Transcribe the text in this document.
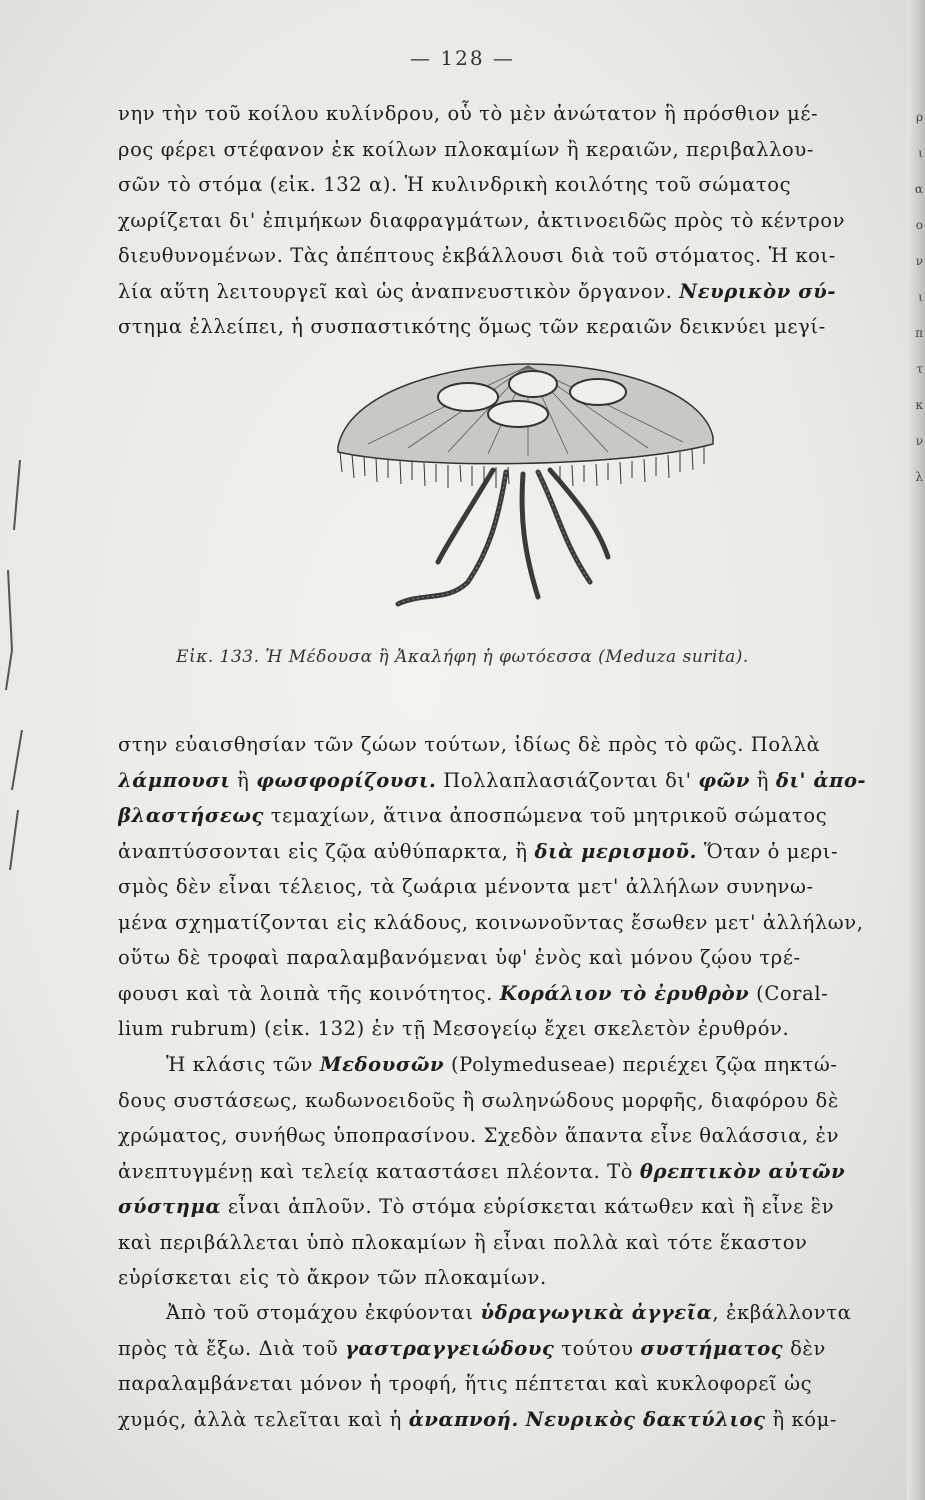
ρ
ι
α
ο
ν
ι
π
τ
κ
ν
λ
— 128 —
νην τὴν τοῦ κοίλου κυλίνδρου, οὗ τὸ μὲν ἀνώτατον ἢ πρόσθιον μέ-
ρος φέρει στέφανον ἐκ κοίλων πλοκαμίων ἢ κεραιῶν, περιβαλλου-
σῶν τὸ στόμα (εἰκ. 132 α). Ἡ κυλινδρικὴ κοιλότης τοῦ σώματος
χωρίζεται δι' ἐπιμήκων διαφραγμάτων, ἀκτινοειδῶς πρὸς τὸ κέντρον
διευθυνομένων. Τὰς ἀπέπτους ἐκβάλλουσι διὰ τοῦ στόματος. Ἡ κοι-
λία αὕτη λειτουργεῖ καὶ ὡς ἀναπνευστικὸν ὄργανον. Νευρικὸν σύ-
στημα ἐλλείπει, ἡ συσπαστικότης ὅμως τῶν κεραιῶν δεικνύει μεγί-
Εἰκ. 133. Ἡ Μέδουσα ἢ Ἀκαλήφη ἡ φωτόεσσα (Meduza surita).
στην εὐαισθησίαν τῶν ζώων τούτων, ἰδίως δὲ πρὸς τὸ φῶς. Πολλὰ
λάμπουσι ἢ φωσφορίζουσι. Πολλαπλασιάζονται δι' φῶν ἢ δι' ἀπο-
βλαστήσεως τεμαχίων, ἅτινα ἀποσπώμενα τοῦ μητρικοῦ σώματος
ἀναπτύσσονται εἰς ζῷα αὐθύπαρκτα, ἢ διὰ μερισμοῦ. Ὅταν ὁ μερι-
σμὸς δὲν εἶναι τέλειος, τὰ ζωάρια μένοντα μετ' ἀλλήλων συνηνω-
μένα σχηματίζονται εἰς κλάδους, κοινωνοῦντας ἔσωθεν μετ' ἀλλήλων,
οὕτω δὲ τροφαὶ παραλαμβανόμεναι ὑφ' ἑνὸς καὶ μόνου ζῴου τρέ-
φουσι καὶ τὰ λοιπὰ τῆς κοινότητος. Κοράλιον τὸ ἐρυθρὸν (Coral-
lium rubrum) (εἰκ. 132) ἐν τῇ Μεσογείῳ ἔχει σκελετὸν ἐρυθρόν.
Ἡ κλάσις τῶν Μεδουσῶν (Polymeduseae) περιέχει ζῷα πηκτώ-
δους συστάσεως, κωδωνοειδοῦς ἢ σωληνώδους μορφῆς, διαφόρου δὲ
χρώματος, συνήθως ὑποπρασίνου. Σχεδὸν ἅπαντα εἶνε θαλάσσια, ἐν
ἀνεπτυγμένῃ καὶ τελείᾳ καταστάσει πλέοντα. Τὸ θρεπτικὸν αὐτῶν
σύστημα εἶναι ἁπλοῦν. Τὸ στόμα εὑρίσκεται κάτωθεν καὶ ἢ εἶνε ἓν
καὶ περιβάλλεται ὑπὸ πλοκαμίων ἢ εἶναι πολλὰ καὶ τότε ἕκαστον
εὑρίσκεται εἰς τὸ ἄκρον τῶν πλοκαμίων.
Ἀπὸ τοῦ στομάχου ἐκφύονται ὑδραγωγικὰ ἀγγεῖα, ἐκβάλλοντα
πρὸς τὰ ἔξω. Διὰ τοῦ γαστραγγειώδους τούτου συστήματος δὲν
παραλαμβάνεται μόνον ἡ τροφή, ἥτις πέπτεται καὶ κυκλοφορεῖ ὡς
χυμός, ἀλλὰ τελεῖται καὶ ἡ ἀναπνοή. Νευρικὸς δακτύλιος ἢ κόμ-
